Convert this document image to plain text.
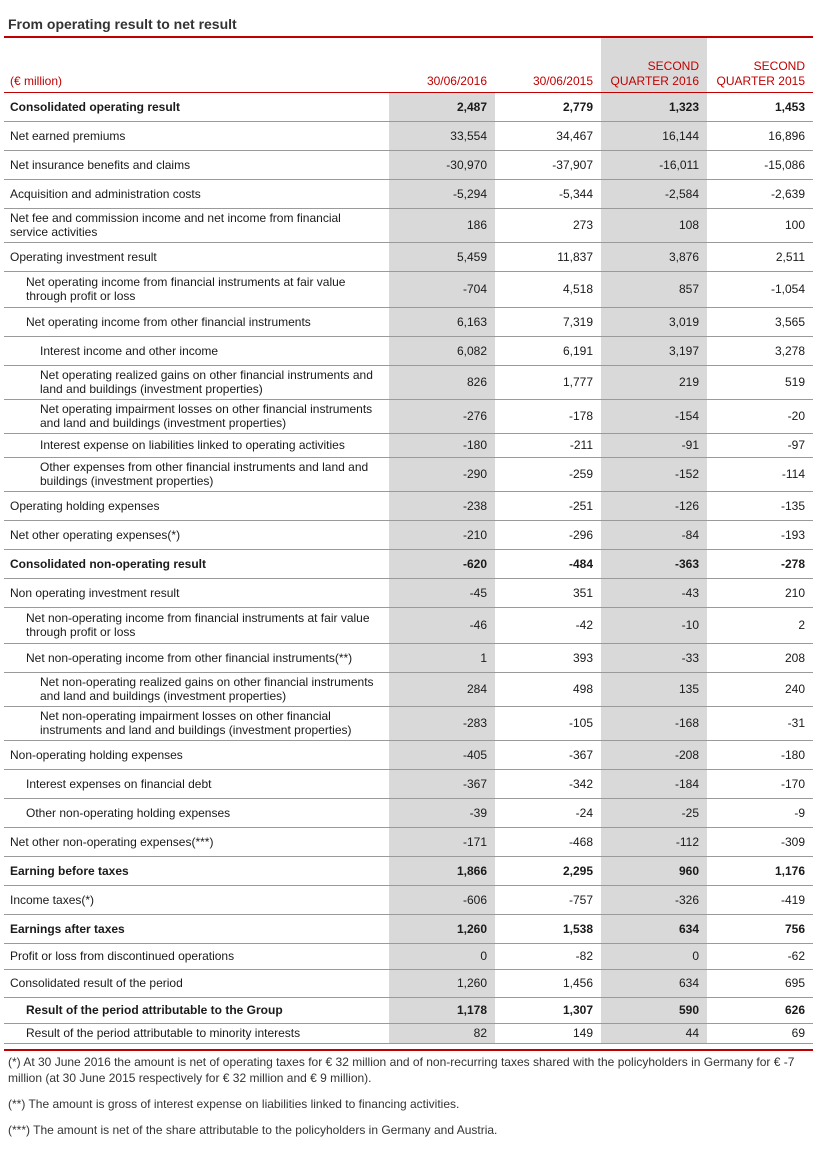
From operating result to net result
(€ million)	30/06/2016	30/06/2015	SECOND QUARTER 2016	SECOND QUARTER 2015
Consolidated operating result	2,487	2,779	1,323	1,453
Net earned premiums	33,554	34,467	16,144	16,896
Net insurance benefits and claims	-30,970	-37,907	-16,011	-15,086
Acquisition and administration costs	-5,294	-5,344	-2,584	-2,639
Net fee and commission income and net income from financial service activities	186	273	108	100
Operating investment result	5,459	11,837	3,876	2,511
Net operating income from financial instruments at fair value through profit or loss	-704	4,518	857	-1,054
Net operating income from other financial instruments	6,163	7,319	3,019	3,565
Interest income and other income	6,082	6,191	3,197	3,278
Net operating realized gains on other financial instruments and land and buildings (investment properties)	826	1,777	219	519
Net operating impairment losses on other financial instruments and land and buildings (investment properties)	-276	-178	-154	-20
Interest expense on liabilities linked to operating activities	-180	-211	-91	-97
Other expenses from other financial instruments and land and buildings (investment properties)	-290	-259	-152	-114
Operating holding expenses	-238	-251	-126	-135
Net other operating expenses(*)	-210	-296	-84	-193
Consolidated non-operating result	-620	-484	-363	-278
Non operating investment result	-45	351	-43	210
Net non-operating income from financial instruments at fair value through profit or loss	-46	-42	-10	2
Net non-operating income from other financial instruments(**)	1	393	-33	208
Net non-operating realized gains on other financial instruments and land and buildings (investment properties)	284	498	135	240
Net non-operating impairment losses on other financial instruments and land and buildings (investment properties)	-283	-105	-168	-31
Non-operating holding expenses	-405	-367	-208	-180
Interest expenses on financial debt	-367	-342	-184	-170
Other non-operating holding expenses	-39	-24	-25	-9
Net other non-operating expenses(***)	-171	-468	-112	-309
Earning before taxes	1,866	2,295	960	1,176
Income taxes(*)	-606	-757	-326	-419
Earnings after taxes	1,260	1,538	634	756
Profit or loss from discontinued operations	0	-82	0	-62
Consolidated result of the period	1,260	1,456	634	695
Result of the period attributable to the Group	1,178	1,307	590	626
Result of the period attributable to minority interests	82	149	44	69

(*) At 30 June 2016 the amount is net of operating taxes for € 32 million and of non-recurring taxes shared with the policyholders in Germany for € -7 million (at 30 June 2015 respectively for € 32 million and € 9 million).

(**) The amount is gross of interest expense on liabilities linked to financing activities.

(***) The amount is net of the share attributable to the policyholders in Germany and Austria.
